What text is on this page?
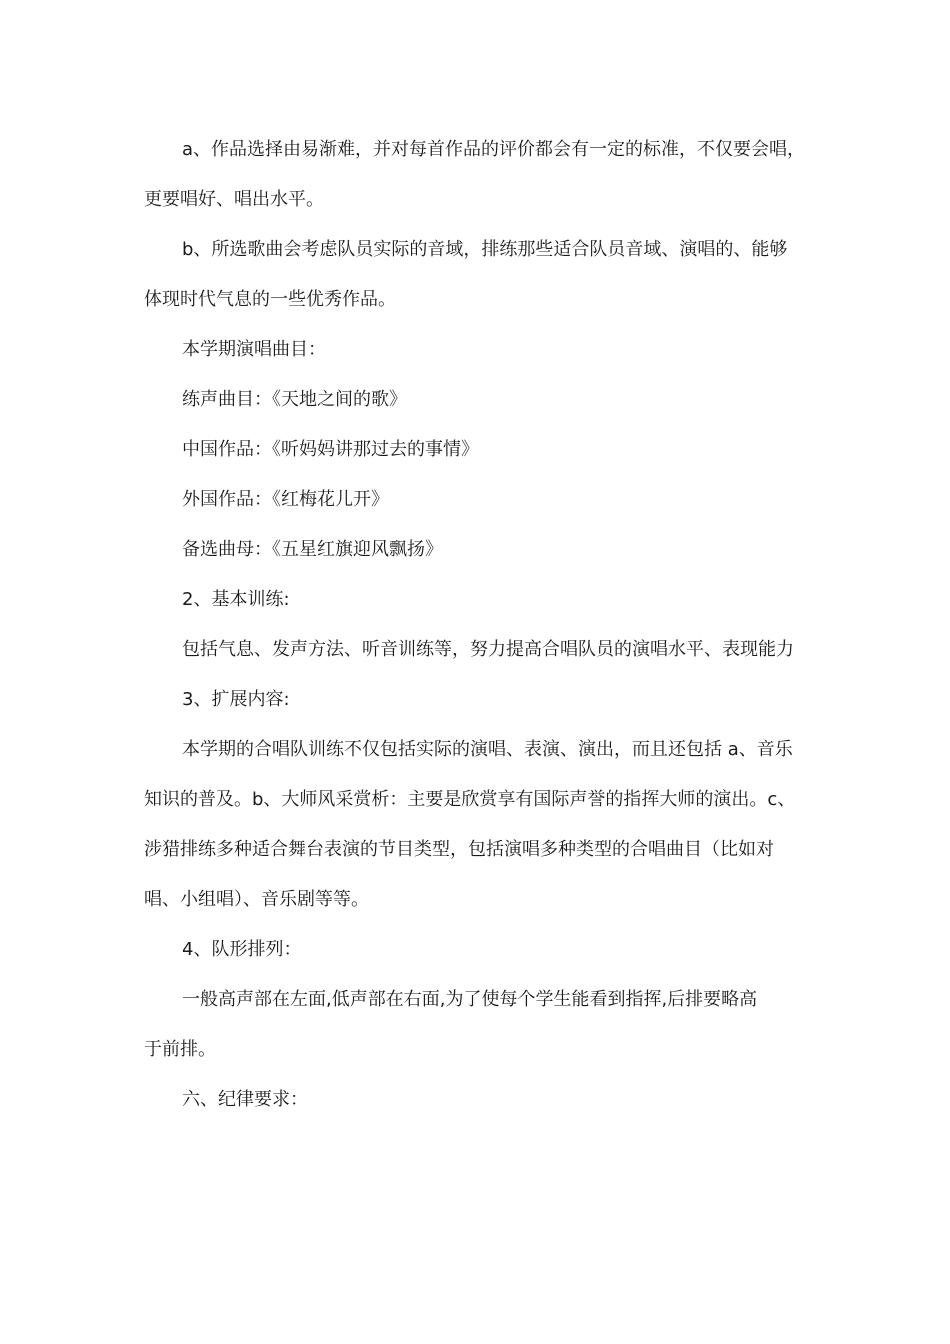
a、作品选择由易渐难，并对每首作品的评价都会有一定的标准，不仅要会唱，
更要唱好、唱出水平。
b、所选歌曲会考虑队员实际的音域，排练那些适合队员音域、演唱的、能够
体现时代气息的一些优秀作品。
本学期演唱曲目：
练声曲目：《天地之间的歌》
中国作品：《听妈妈讲那过去的事情》
外国作品：《红梅花儿开》
备选曲母：《五星红旗迎风飘扬》
2、基本训练:
包括气息、发声方法、听音训练等，努力提高合唱队员的演唱水平、表现能力
3、扩展内容:
本学期的合唱队训练不仅包括实际的演唱、表演、演出，而且还包括 a、音乐
知识的普及。b、大师风采赏析：主要是欣赏享有国际声誉的指挥大师的演出。c、
涉猎排练多种适合舞台表演的节目类型，包括演唱多种类型的合唱曲目（比如对
唱、小组唱）、音乐剧等等。
4、队形排列：
一般高声部在左面,低声部在右面,为了使每个学生能看到指挥,后排要略高
于前排。
六、纪律要求：
